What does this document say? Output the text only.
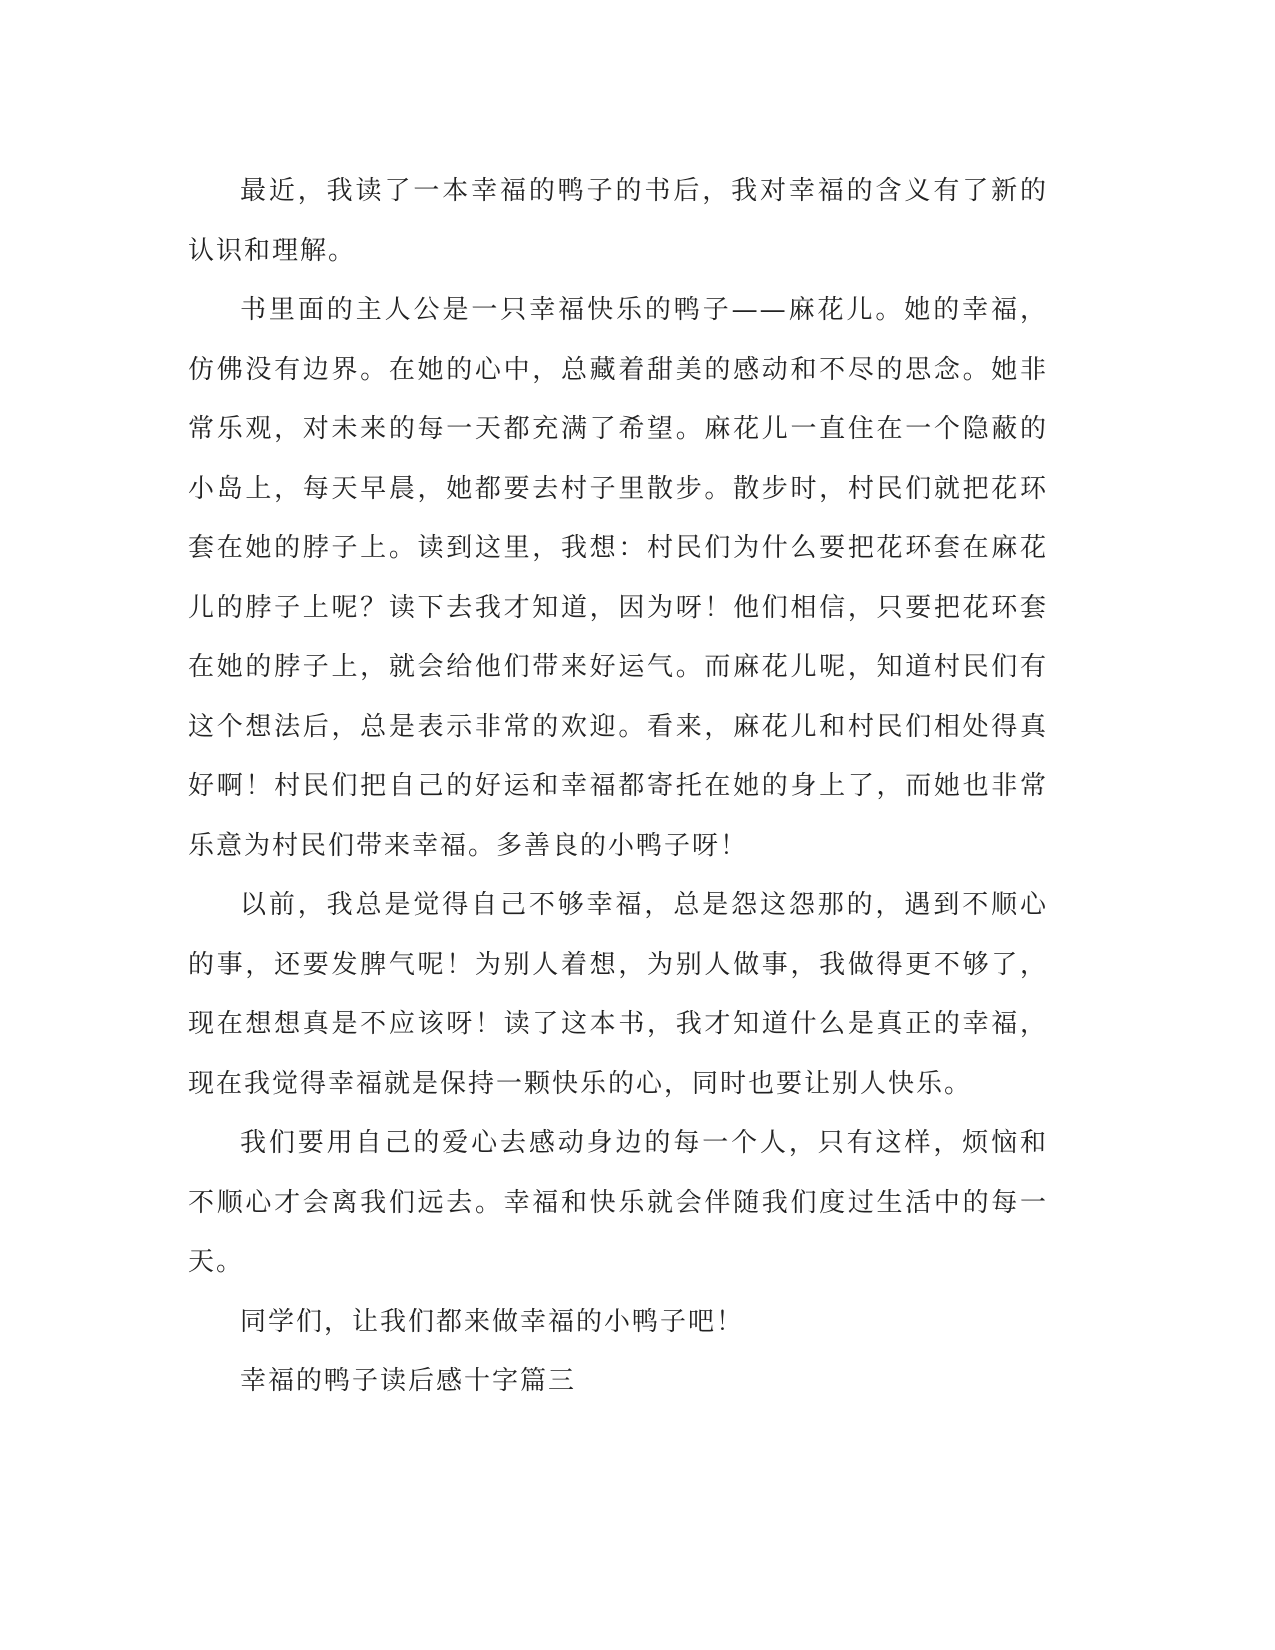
最近，我读了一本幸福的鸭子的书后，我对幸福的含义有了新的认识和理解。

书里面的主人公是一只幸福快乐的鸭子——麻花儿。她的幸福，仿佛没有边界。在她的心中，总藏着甜美的感动和不尽的思念。她非常乐观，对未来的每一天都充满了希望。麻花儿一直住在一个隐蔽的小岛上，每天早晨，她都要去村子里散步。散步时，村民们就把花环套在她的脖子上。读到这里，我想：村民们为什么要把花环套在麻花儿的脖子上呢？读下去我才知道，因为呀！他们相信，只要把花环套在她的脖子上，就会给他们带来好运气。而麻花儿呢，知道村民们有这个想法后，总是表示非常的欢迎。看来，麻花儿和村民们相处得真好啊！村民们把自己的好运和幸福都寄托在她的身上了，而她也非常乐意为村民们带来幸福。多善良的小鸭子呀！

以前，我总是觉得自己不够幸福，总是怨这怨那的，遇到不顺心的事，还要发脾气呢！为别人着想，为别人做事，我做得更不够了，现在想想真是不应该呀！读了这本书，我才知道什么是真正的幸福，现在我觉得幸福就是保持一颗快乐的心，同时也要让别人快乐。

我们要用自己的爱心去感动身边的每一个人，只有这样，烦恼和不顺心才会离我们远去。幸福和快乐就会伴随我们度过生活中的每一天。

同学们，让我们都来做幸福的小鸭子吧！

幸福的鸭子读后感十字篇三
